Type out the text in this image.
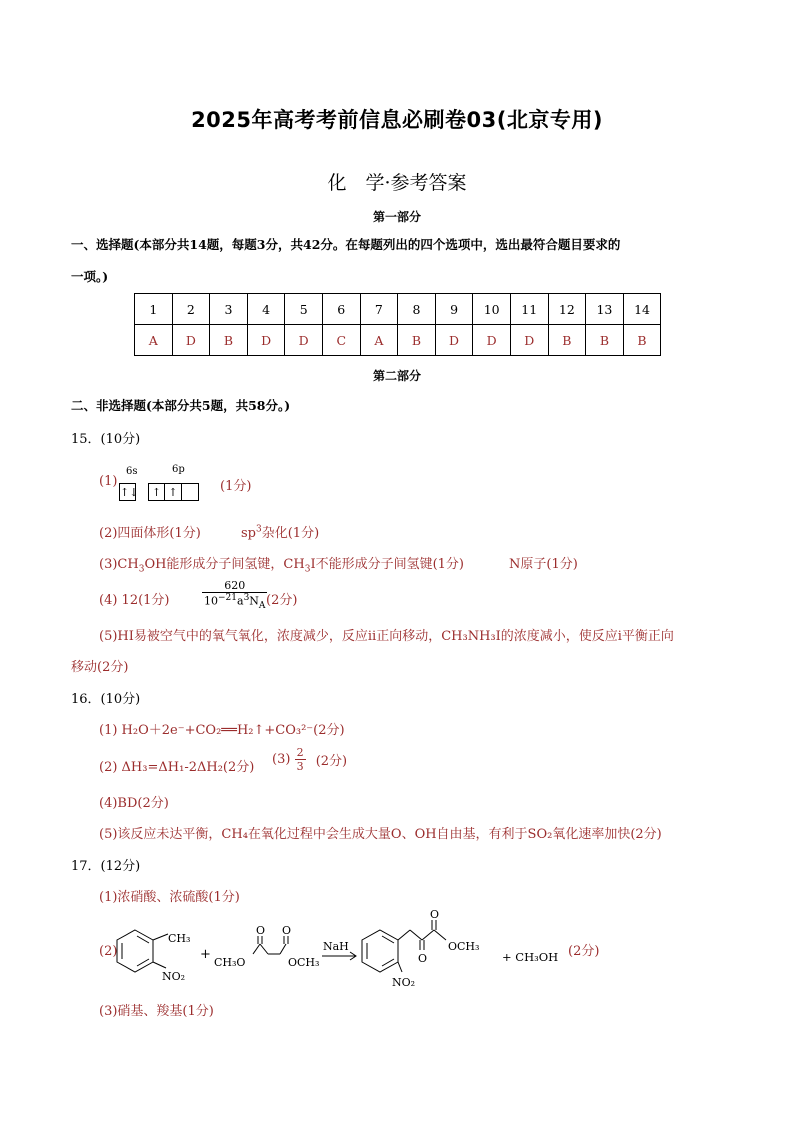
2025年高考考前信息必刷卷03(北京专用)
化　学·参考答案
第一部分
一、选择题(本部分共14题，每题3分，共42分。在每题列出的四个选项中，选出最符合题目要求的
一项。)
1	2	3	4	5	6	7	8	9	10	11	12	13	14
A	D	B	D	D	C	A	B	D	D	D	B	B	B
第二部分
二、非选择题(本部分共5题，共58分。)
15．(10分)
(1)
6s	6p
↑↓	↑ ↑	(1分)
(2)四面体形(1分)	$sp^3$杂化(1分)
$(3)CH_3OH$能形成分子间氢键，$CH_3I$不能形成分子间氢键(1分)	N原子(1分)
(4) 12(1分)	$\frac{620}{10^{-21}a^3N_A}$
(2分)
(5)HI易被空气中的氧气氧化，浓度减少，反应ⅱ正向移动，CH₃NH₃I的浓度减小，使反应ⅰ平衡正向
移动(2分)
16．(10分)
(1) H₂O＋2e⁻+CO₂══H₂↑+CO₃²⁻(2分)
(2) ΔH₃=ΔH₁-2ΔH₂(2分)
$(3) \frac{2}{3} (2$分)
(4)BD(2分)
(5)该反应未达平衡，CH₄在氧化过程中会生成大量O、OH自由基，有利于SO₂氧化速率加快(2分)
17．(12分)
(1)浓硝酸、浓硫酸(1分)
(2)
CH₃
NO₂
+
O O
CH₃O	OCH₃
NaH
O
O
OCH₃
NO₂
+ CH₃OH (2分)
(3)硝基、羧基(1分)
